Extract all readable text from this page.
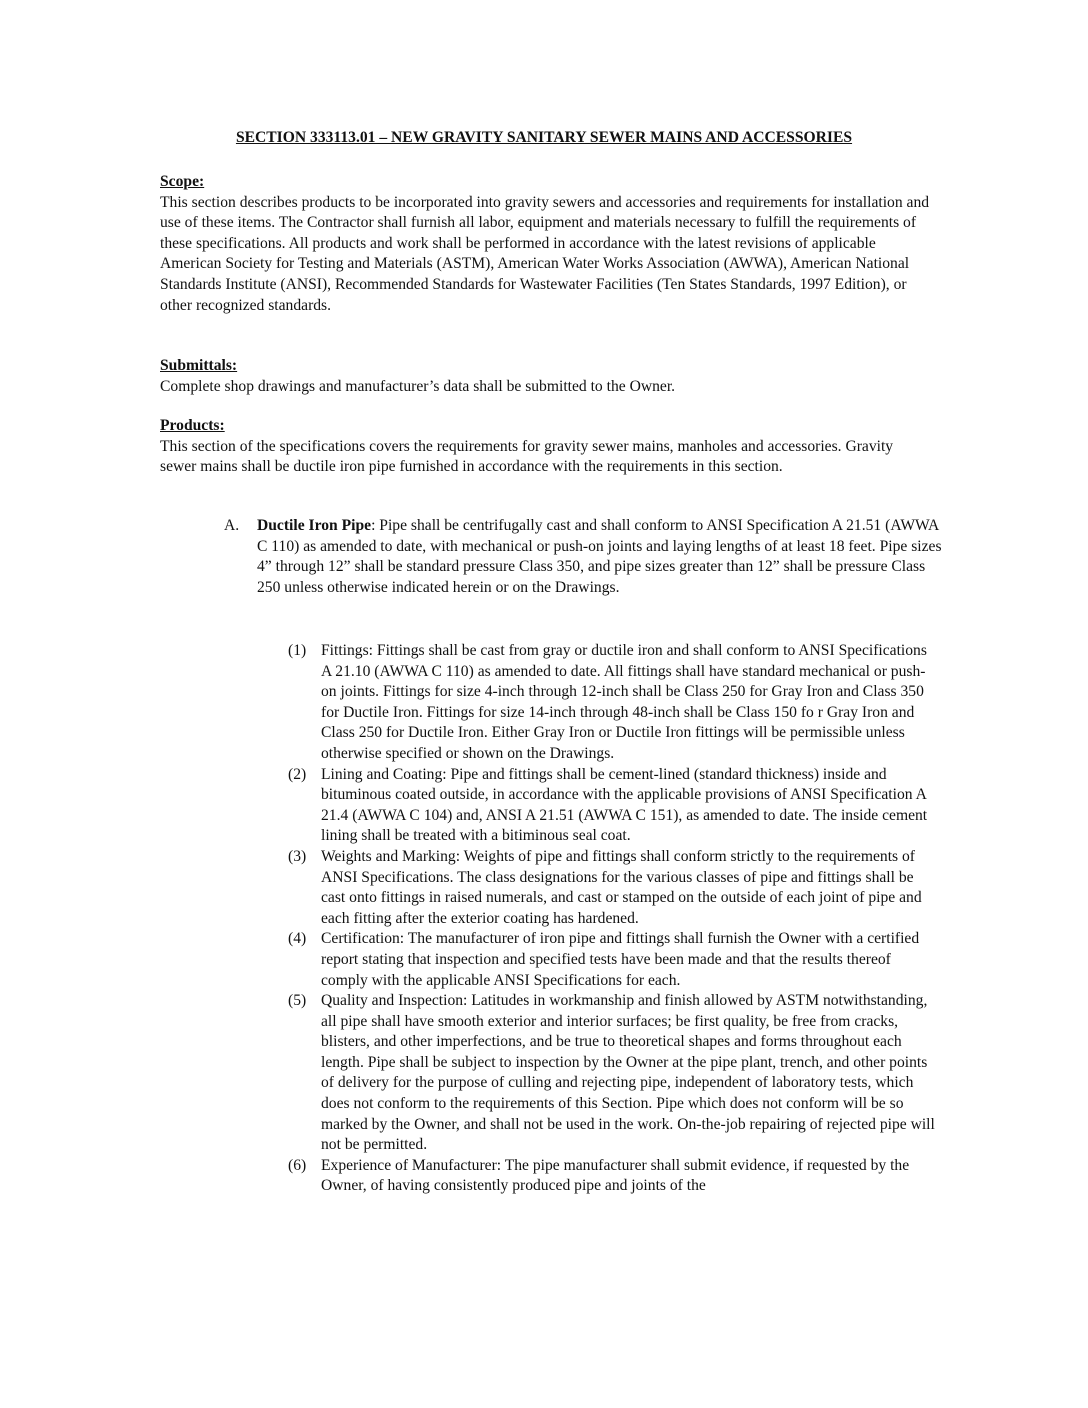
SECTION 333113.01 – NEW GRAVITY SANITARY SEWER MAINS AND ACCESSORIES
Scope:

This section describes products to be incorporated into gravity sewers and accessories and requirements for installation and use of these items. The Contractor shall furnish all labor, equipment and materials necessary to fulfill the requirements of these specifications. All products and work shall be performed in accordance with the latest revisions of applicable American Society for Testing and Materials (ASTM), American Water Works Association (AWWA), American National Standards Institute (ANSI), Recommended Standards for Wastewater Facilities (Ten States Standards, 1997 Edition), or other recognized standards.

Submittals:

Complete shop drawings and manufacturer’s data shall be submitted to the Owner.

Products:

This section of the specifications covers the requirements for gravity sewer mains, manholes and accessories. Gravity sewer mains shall be ductile iron pipe furnished in accordance with the requirements in this section.

A. Ductile Iron Pipe: Pipe shall be centrifugally cast and shall conform to ANSI Specification A 21.51 (AWWA C 110) as amended to date, with mechanical or push-on joints and laying lengths of at least 18 feet. Pipe sizes 4” through 12” shall be standard pressure Class 350, and pipe sizes greater than 12” shall be pressure Class 250 unless otherwise indicated herein or on the Drawings.

(1) Fittings: Fittings shall be cast from gray or ductile iron and shall conform to ANSI Specifications A 21.10 (AWWA C 110) as amended to date. All fittings shall have standard mechanical or push-on joints. Fittings for size 4-inch through 12-inch shall be Class 250 for Gray Iron and Class 350 for Ductile Iron. Fittings for size 14-inch through 48-inch shall be Class 150 fo r Gray Iron and Class 250 for Ductile Iron. Either Gray Iron or Ductile Iron fittings will be permissible unless otherwise specified or shown on the Drawings.

(2) Lining and Coating: Pipe and fittings shall be cement-lined (standard thickness) inside and bituminous coated outside, in accordance with the applicable provisions of ANSI Specification A 21.4 (AWWA C 104) and, ANSI A 21.51 (AWWA C 151), as amended to date. The inside cement lining shall be treated with a bitiminous seal coat.

(3) Weights and Marking: Weights of pipe and fittings shall conform strictly to the requirements of ANSI Specifications. The class designations for the various classes of pipe and fittings shall be cast onto fittings in raised numerals, and cast or stamped on the outside of each joint of pipe and each fitting after the exterior coating has hardened.

(4) Certification: The manufacturer of iron pipe and fittings shall furnish the Owner with a certified report stating that inspection and specified tests have been made and that the results thereof comply with the applicable ANSI Specifications for each.

(5) Quality and Inspection: Latitudes in workmanship and finish allowed by ASTM notwithstanding, all pipe shall have smooth exterior and interior surfaces; be first quality, be free from cracks, blisters, and other imperfections, and be true to theoretical shapes and forms throughout each length. Pipe shall be subject to inspection by the Owner at the pipe plant, trench, and other points of delivery for the purpose of culling and rejecting pipe, independent of laboratory tests, which does not conform to the requirements of this Section. Pipe which does not conform will be so marked by the Owner, and shall not be used in the work. On-the-job repairing of rejected pipe will not be permitted.

(6) Experience of Manufacturer: The pipe manufacturer shall submit evidence, if requested by the Owner, of having consistently produced pipe and joints of the
